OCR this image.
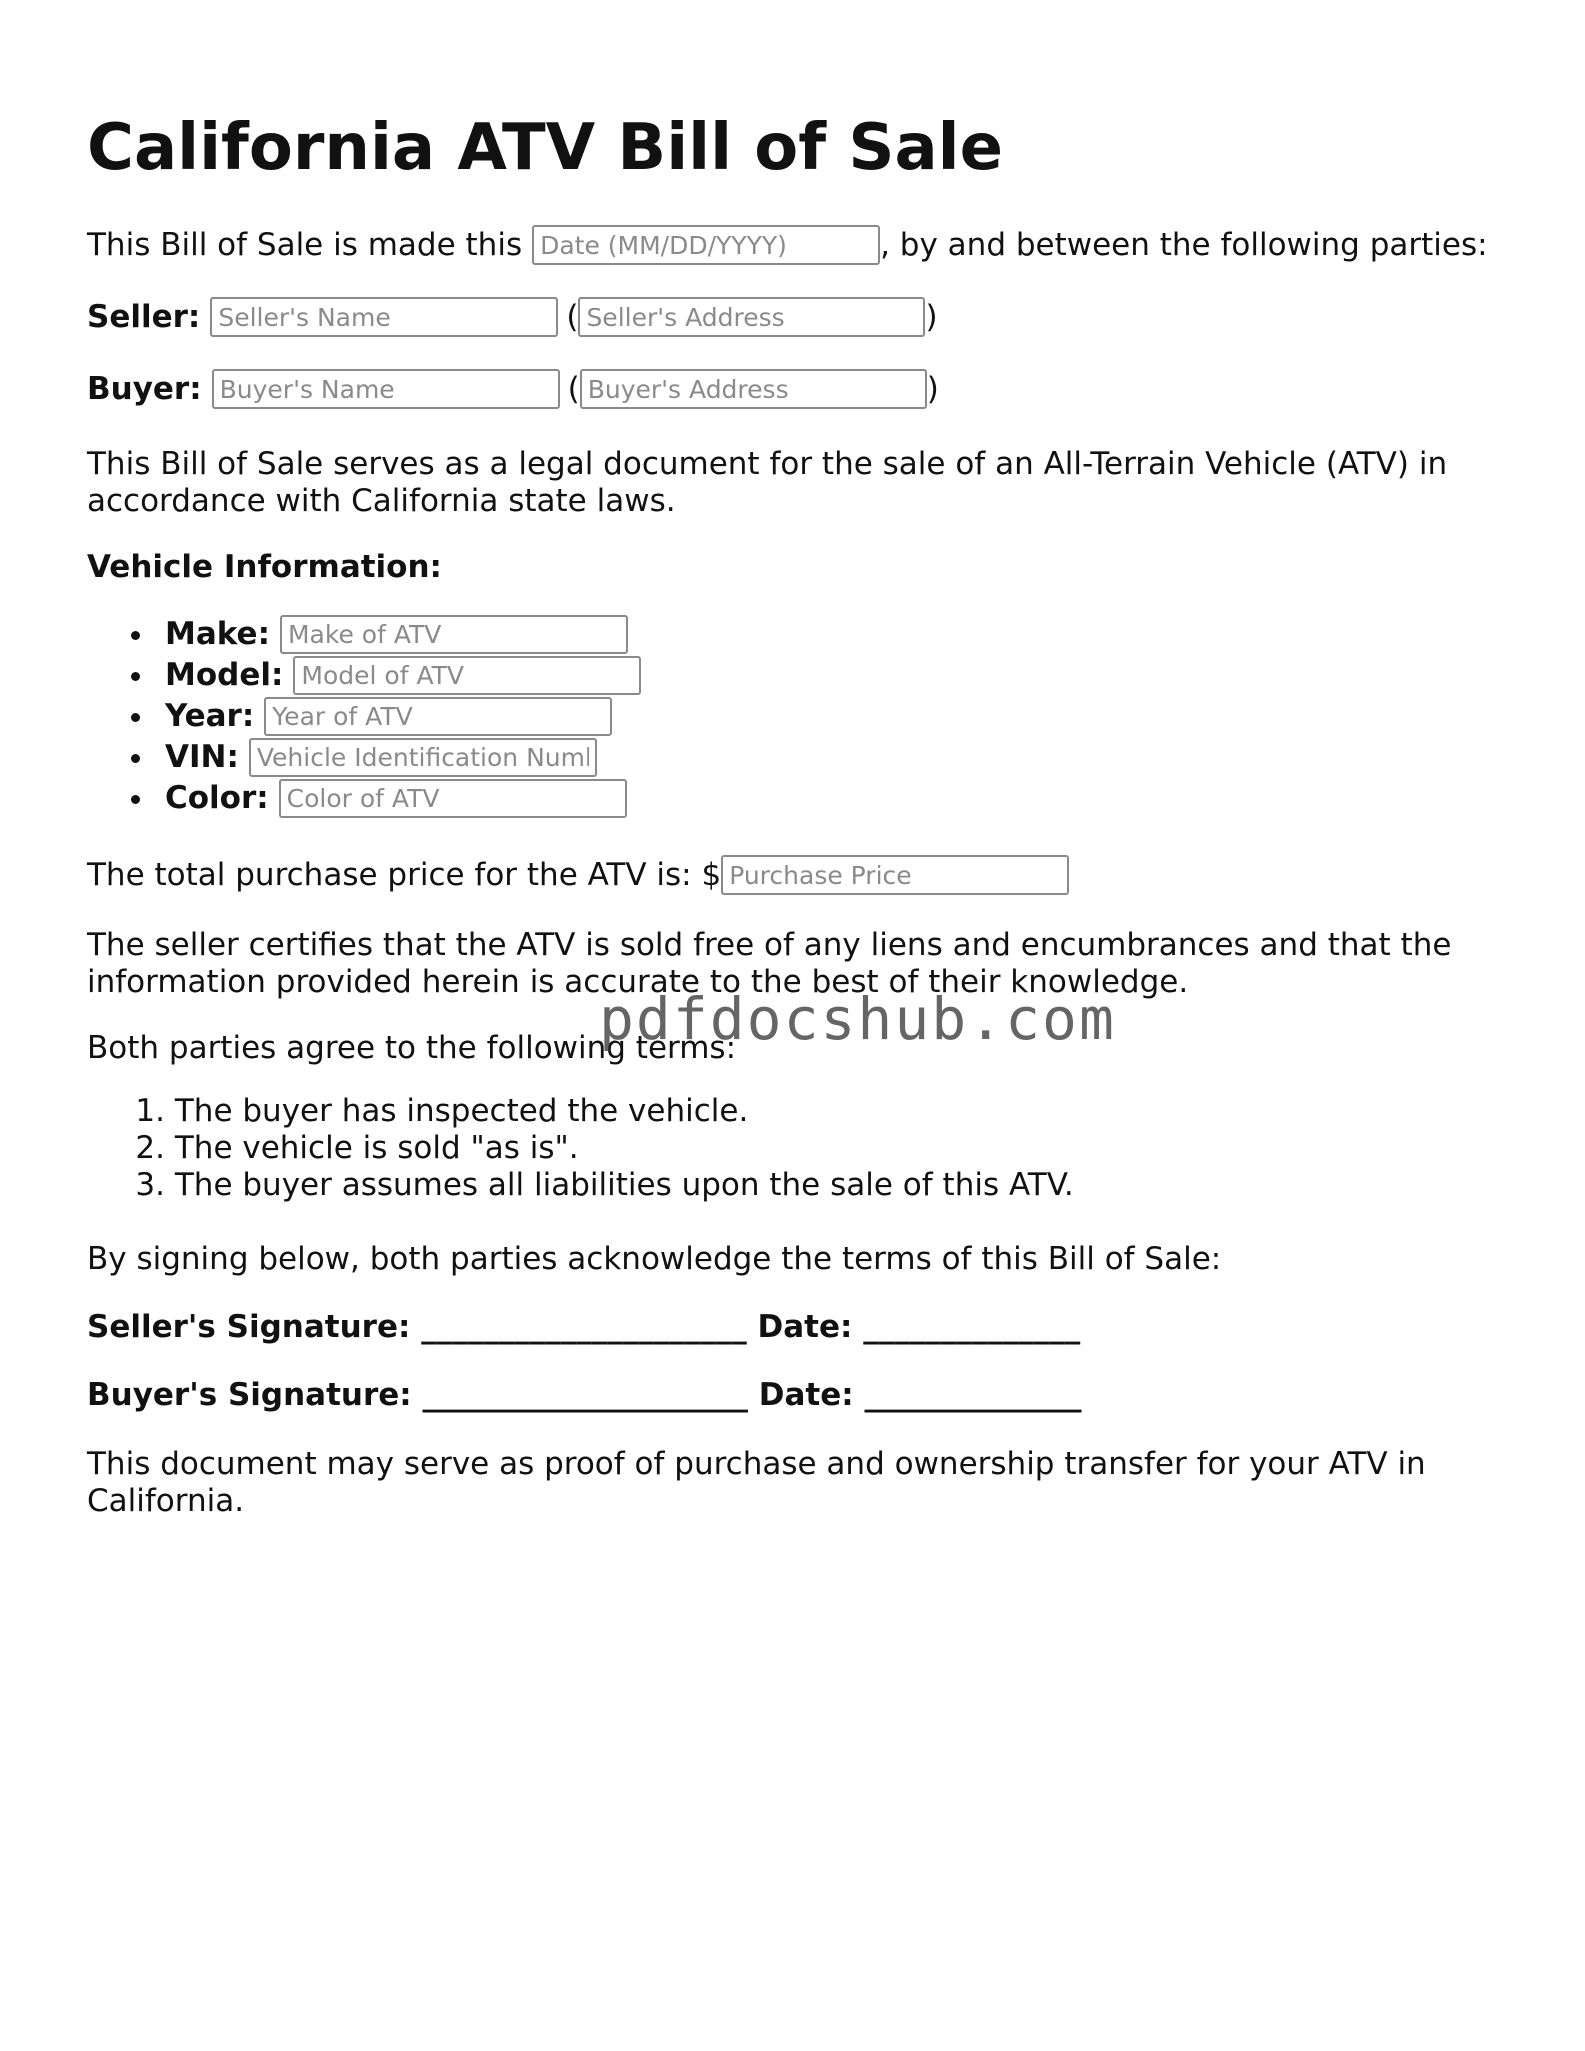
California ATV Bill of Sale
This Bill of Sale is made this
Date (MM/DD/YYYY)	, by and between the following parties:
Seller:
Seller's Name	(
Seller's Address	)
Buyer:
Buyer's Name	(
Buyer's Address	)

This Bill of Sale serves as a legal document for the sale of an All-Terrain Vehicle (ATV) in accordance with California state laws.

Vehicle Information:
Make:
Make of ATV
Model:
Model of ATV
Year:
Year of ATV
VIN:
Vehicle Identification Number
Color:
Color of ATV
The total purchase price for the ATV is: $
Purchase Price

The seller certifies that the ATV is sold free of any liens and encumbrances and that the information provided herein is accurate to the best of their knowledge.

Both parties agree to the following terms:
1. The buyer has inspected the vehicle.
2. The vehicle is sold "as is".
3. The buyer assumes all liabilities upon the sale of this ATV.
By signing below, both parties acknowledge the terms of this Bill of Sale:
Seller's Signature:
_____________________
Date:
______________
Buyer's Signature:
_____________________
Date:
______________

This document may serve as proof of purchase and ownership transfer for your ATV in California.

pdfdocshub.com
